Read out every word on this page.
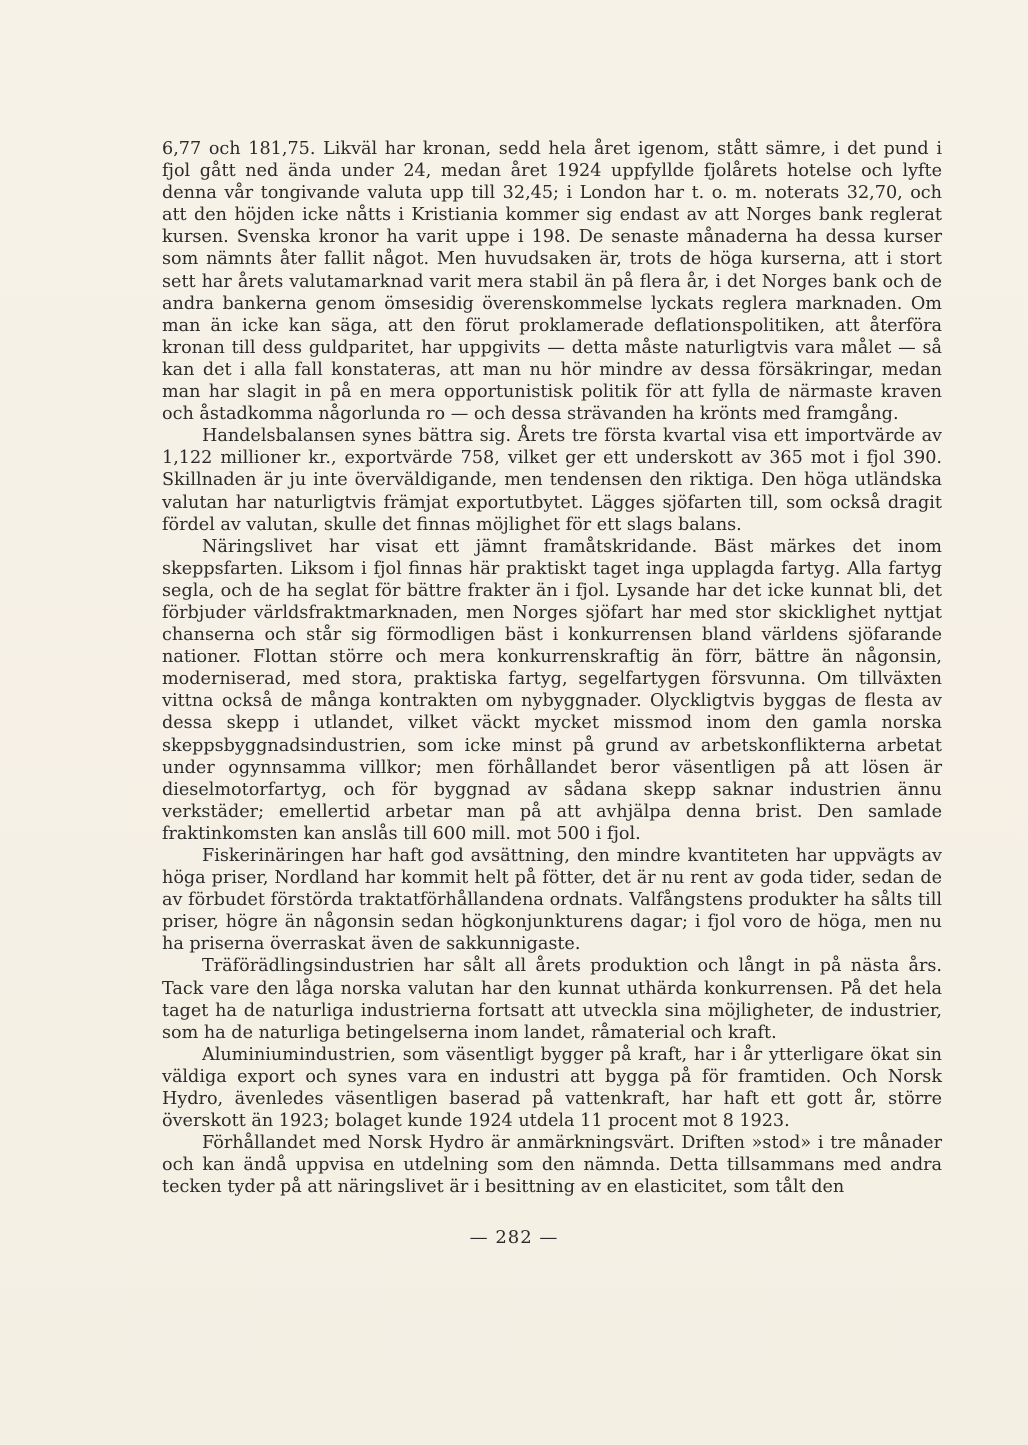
6,77 och 181,75. Likväl har kronan, sedd hela året igenom, stått sämre, i det pund i fjol gått ned ända under 24, medan året 1924 uppfyllde fjolårets hotelse och lyfte denna vår tongivande valuta upp till 32,45; i London har t. o. m. noterats 32,70, och att den höjden icke nåtts i Kristiania kommer sig endast av att Norges bank reglerat kursen. Svenska kronor ha varit uppe i 198. De senaste månaderna ha dessa kurser som nämnts åter fallit något. Men huvudsaken är, trots de höga kurserna, att i stort sett har årets valutamarknad varit mera stabil än på flera år, i det Norges bank och de andra bankerna genom ömsesidig överenskommelse lyckats reglera marknaden. Om man än icke kan säga, att den förut proklamerade deflationspolitiken, att återföra kronan till dess guldparitet, har uppgivits — detta måste naturligtvis vara målet — så kan det i alla fall konstateras, att man nu hör mindre av dessa försäkringar, medan man har slagit in på en mera opportunistisk politik för att fylla de närmaste kraven och åstadkomma någorlunda ro — och dessa strävanden ha krönts med framgång.

Handelsbalansen synes bättra sig. Årets tre första kvartal visa ett importvärde av 1,122 millioner kr., exportvärde 758, vilket ger ett underskott av 365 mot i fjol 390. Skillnaden är ju inte överväldigande, men tendensen den riktiga. Den höga utländska valutan har naturligtvis främjat exportutbytet. Lägges sjöfarten till, som också dragit fördel av valutan, skulle det finnas möjlighet för ett slags balans.

Näringslivet har visat ett jämnt framåtskridande. Bäst märkes det inom skeppsfarten. Liksom i fjol finnas här praktiskt taget inga upplagda fartyg. Alla fartyg segla, och de ha seglat för bättre frakter än i fjol. Lysande har det icke kunnat bli, det förbjuder världsfraktmarknaden, men Norges sjöfart har med stor skicklighet nyttjat chanserna och står sig förmodligen bäst i konkurrensen bland världens sjöfarande nationer. Flottan större och mera konkurrenskraftig än förr, bättre än någonsin, moderniserad, med stora, praktiska fartyg, segelfartygen försvunna. Om tillväxten vittna också de många kontrakten om nybyggnader. Olyckligtvis byggas de flesta av dessa skepp i utlandet, vilket väckt mycket missmod inom den gamla norska skeppsbyggnadsindustrien, som icke minst på grund av arbetskonflikterna arbetat under ogynnsamma villkor; men förhållandet beror väsentligen på att lösen är dieselmotorfartyg, och för byggnad av sådana skepp saknar industrien ännu verkstäder; emellertid arbetar man på att avhjälpa denna brist. Den samlade fraktinkomsten kan anslås till 600 mill. mot 500 i fjol.

Fiskerinäringen har haft god avsättning, den mindre kvantiteten har uppvägts av höga priser, Nordland har kommit helt på fötter, det är nu rent av goda tider, sedan de av förbudet förstörda traktatförhållandena ordnats. Valfångstens produkter ha sålts till priser, högre än någonsin sedan högkonjunkturens dagar; i fjol voro de höga, men nu ha priserna överraskat även de sakkunnigaste.

Träförädlingsindustrien har sålt all årets produktion och långt in på nästa års. Tack vare den låga norska valutan har den kunnat uthärda konkurrensen. På det hela taget ha de naturliga industrierna fortsatt att utveckla sina möjligheter, de industrier, som ha de naturliga betingelserna inom landet, råmaterial och kraft.

Aluminiumindustrien, som väsentligt bygger på kraft, har i år ytterligare ökat sin väldiga export och synes vara en industri att bygga på för framtiden. Och Norsk Hydro, ävenledes väsentligen baserad på vattenkraft, har haft ett gott år, större överskott än 1923; bolaget kunde 1924 utdela 11 procent mot 8 1923.

Förhållandet med Norsk Hydro är anmärkningsvärt. Driften »stod» i tre månader och kan ändå uppvisa en utdelning som den nämnda. Detta tillsammans med andra tecken tyder på att näringslivet är i besittning av en elasticitet, som tålt den

— 282 —
